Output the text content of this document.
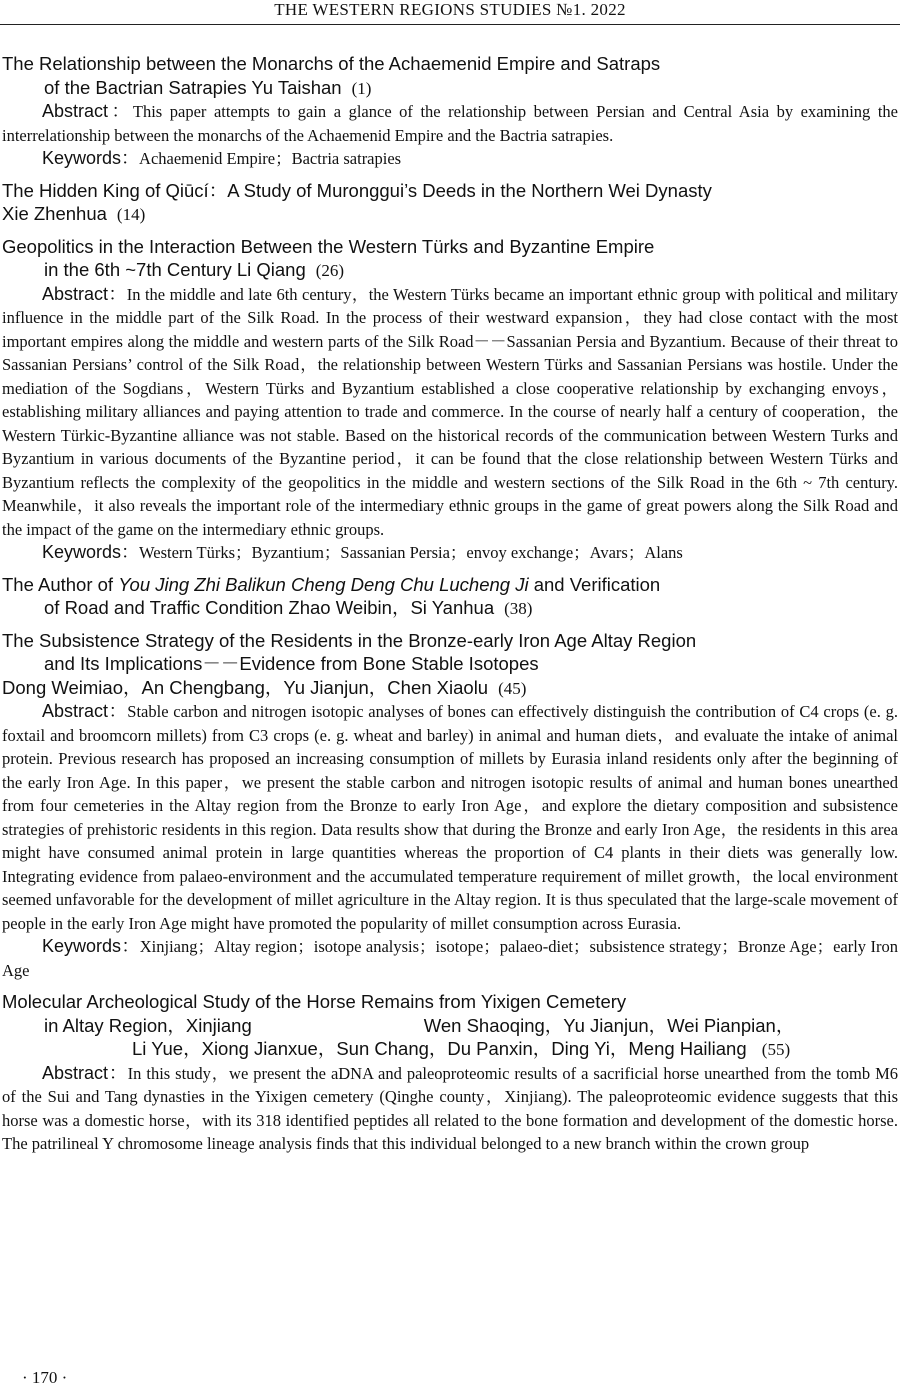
THE WESTERN REGIONS STUDIES №1. 2022

The Relationship between the Monarchs of the Achaemenid Empire and Satraps
of the Bactrian Satrapies Yu Taishan (1)

Abstract：This paper attempts to gain a glance of the relationship between Persian and Central Asia by examining the interrelationship between the monarchs of the Achaemenid Empire and the Bactria satrapies.

Keywords：Achaemenid Empire；Bactria satrapies

The Hidden King of Qiūcí：A Study of Muronggui’s Deeds in the Northern Wei Dynasty
Xie Zhenhua (14)

Geopolitics in the Interaction Between the Western Türks and Byzantine Empire
in the 6th ~7th Century Li Qiang (26)

Abstract：In the middle and late 6th century，the Western Türks became an important ethnic group with political and military influence in the middle part of the Silk Road. In the process of their westward expansion，they had close contact with the most important empires along the middle and western parts of the Silk Road－－Sassanian Persia and Byzantium. Because of their threat to Sassanian Persians’ control of the Silk Road，the relationship between Western Türks and Sassanian Persians was hostile. Under the mediation of the Sogdians，Western Türks and Byzantium established a close cooperative relationship by exchanging envoys，establishing military alliances and paying attention to trade and commerce. In the course of nearly half a century of cooperation，the Western Türkic-Byzantine alliance was not stable. Based on the historical records of the communication between Western Turks and Byzantium in various documents of the Byzantine period，it can be found that the close relationship between Western Türks and Byzantium reflects the complexity of the geopolitics in the middle and western sections of the Silk Road in the 6th ~ 7th century. Meanwhile，it also reveals the important role of the intermediary ethnic groups in the game of great powers along the Silk Road and the impact of the game on the intermediary ethnic groups.

Keywords：Western Türks；Byzantium；Sassanian Persia；envoy exchange；Avars；Alans

The Author of You Jing Zhi Balikun Cheng Deng Chu Lucheng Ji and Verification
of Road and Traffic Condition Zhao Weibin，Si Yanhua (38)

The Subsistence Strategy of the Residents in the Bronze-early Iron Age Altay Region
and Its Implications－－Evidence from Bone Stable Isotopes
Dong Weimiao，An Chengbang，Yu Jianjun，Chen Xiaolu (45)

Abstract：Stable carbon and nitrogen isotopic analyses of bones can effectively distinguish the contribution of C4 crops (e. g. foxtail and broomcorn millets) from C3 crops (e. g. wheat and barley) in animal and human diets，and evaluate the intake of animal protein. Previous research has proposed an increasing consumption of millets by Eurasia inland residents only after the beginning of the early Iron Age. In this paper，we present the stable carbon and nitrogen isotopic results of animal and human bones unearthed from four cemeteries in the Altay region from the Bronze to early Iron Age，and explore the dietary composition and subsistence strategies of prehistoric residents in this region. Data results show that during the Bronze and early Iron Age，the residents in this area might have consumed animal protein in large quantities whereas the proportion of C4 plants in their diets was generally low. Integrating evidence from palaeo-environment and the accumulated temperature requirement of millet growth，the local environment seemed unfavorable for the development of millet agriculture in the Altay region. It is thus speculated that the large-scale movement of people in the early Iron Age might have promoted the popularity of millet consumption across Eurasia.

Keywords：Xinjiang；Altay region；isotope analysis；isotope；palaeo-diet；subsistence strategy；Bronze Age；early Iron Age

Molecular Archeological Study of the Horse Remains from Yixigen Cemetery
in Altay Region，Xinjiang	Wen Shaoqing，Yu Jianjun，Wei Pianpian，
Li Yue，Xiong Jianxue，Sun Chang，Du Panxin，Ding Yi，Meng Hailiang (55)

Abstract：In this study，we present the aDNA and paleoproteomic results of a sacrificial horse unearthed from the tomb M6 of the Sui and Tang dynasties in the Yixigen cemetery (Qinghe county，Xinjiang). The paleoproteomic evidence suggests that this horse was a domestic horse，with its 318 identified peptides all related to the bone formation and development of the domestic horse. The patrilineal Y chromosome lineage analysis finds that this individual belonged to a new branch within the crown group

· 170 ·
